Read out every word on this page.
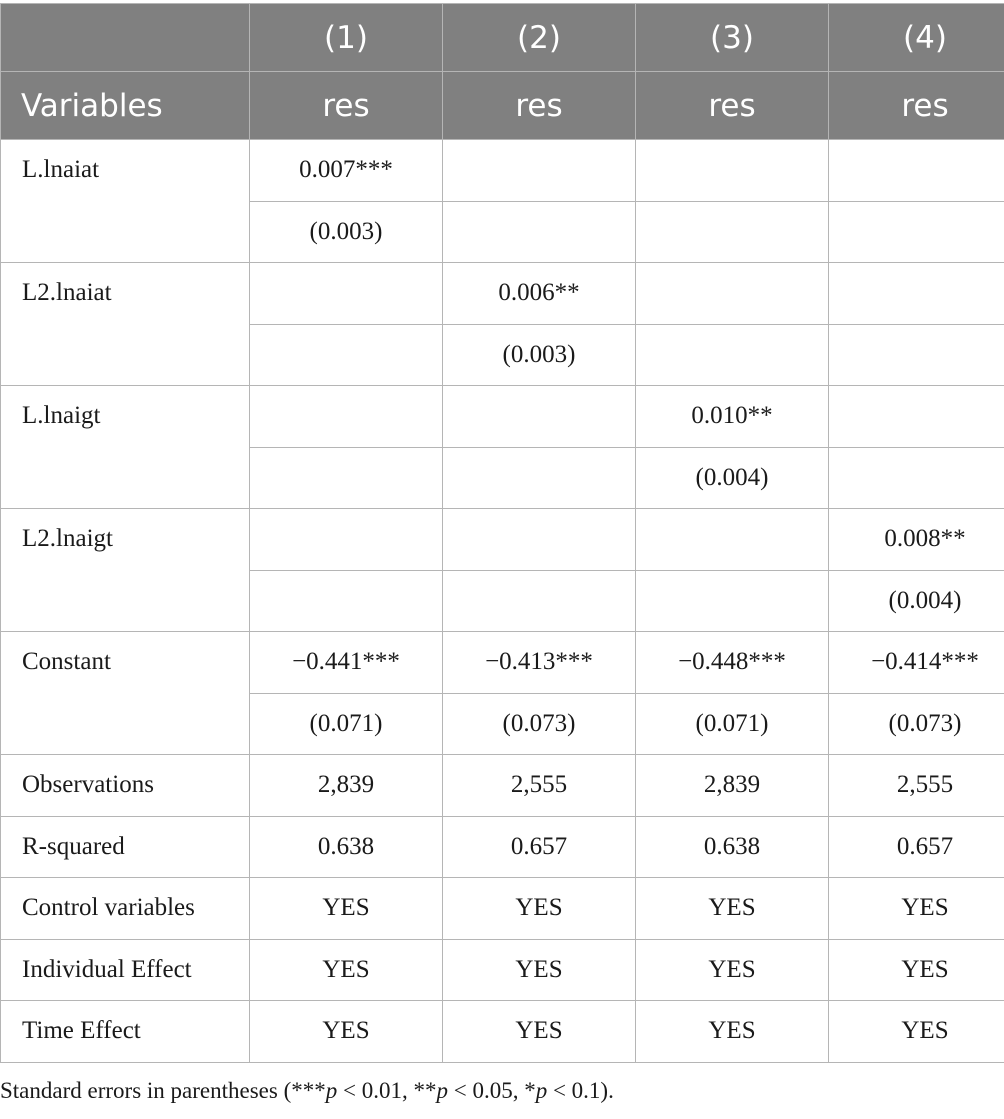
	(1)	(2)	(3)	(4)
Variables	res	res	res	res
L.lnaiat	0.007***			
	(0.003)			
L2.lnaiat		0.006**		
		(0.003)		
L.lnaigt			0.010**	
			(0.004)	
L2.lnaigt				0.008**
				(0.004)
Constant	−0.441***	−0.413***	−0.448***	−0.414***
	(0.071)	(0.073)	(0.071)	(0.073)
Observations	2,839	2,555	2,839	2,555
R-squared	0.638	0.657	0.638	0.657
Control variables	YES	YES	YES	YES
Individual Effect	YES	YES	YES	YES
Time Effect	YES	YES	YES	YES
Standard errors in parentheses (***p < 0.01, **p < 0.05, *p < 0.1).
